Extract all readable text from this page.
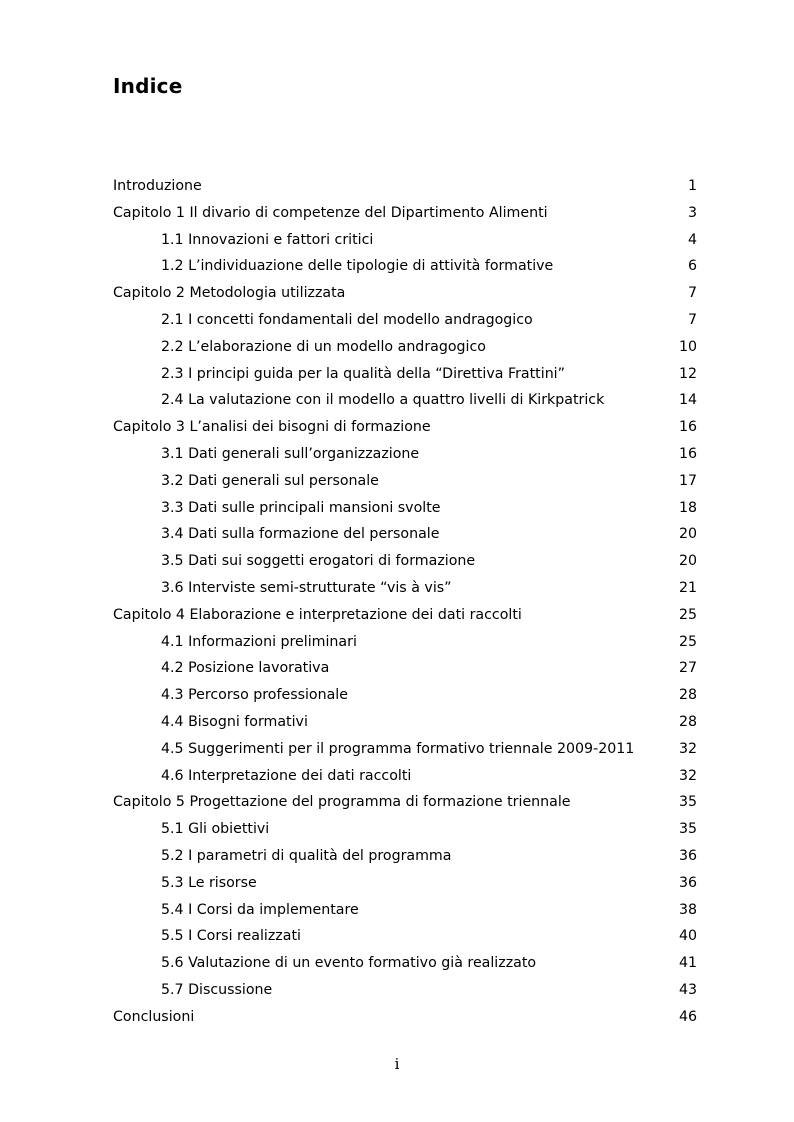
Indice
Introduzione	1
Capitolo 1 Il divario di competenze del Dipartimento Alimenti	3
1.1 Innovazioni e fattori critici	4
1.2 L’individuazione delle tipologie di attività formative	6
Capitolo 2 Metodologia utilizzata	7
2.1 I concetti fondamentali del modello andragogico	7
2.2 L’elaborazione di un modello andragogico	10
2.3 I principi guida per la qualità della “Direttiva Frattini”	12
2.4 La valutazione con il modello a quattro livelli di Kirkpatrick	14
Capitolo 3 L’analisi dei bisogni di formazione	16
3.1 Dati generali sull’organizzazione	16
3.2 Dati generali sul personale	17
3.3 Dati sulle principali mansioni svolte	18
3.4 Dati sulla formazione del personale	20
3.5 Dati sui soggetti erogatori di formazione	20
3.6 Interviste semi-strutturate “vis à vis”	21
Capitolo 4 Elaborazione e interpretazione dei dati raccolti	25
4.1 Informazioni preliminari	25
4.2 Posizione lavorativa	27
4.3 Percorso professionale	28
4.4 Bisogni formativi	28
4.5 Suggerimenti per il programma formativo triennale 2009-2011	32
4.6 Interpretazione dei dati raccolti	32
Capitolo 5 Progettazione del programma di formazione triennale	35
5.1 Gli obiettivi	35
5.2 I parametri di qualità del programma	36
5.3 Le risorse	36
5.4 I Corsi da implementare	38
5.5 I Corsi realizzati	40
5.6 Valutazione di un evento formativo già realizzato	41
5.7 Discussione	43
Conclusioni	46
i
